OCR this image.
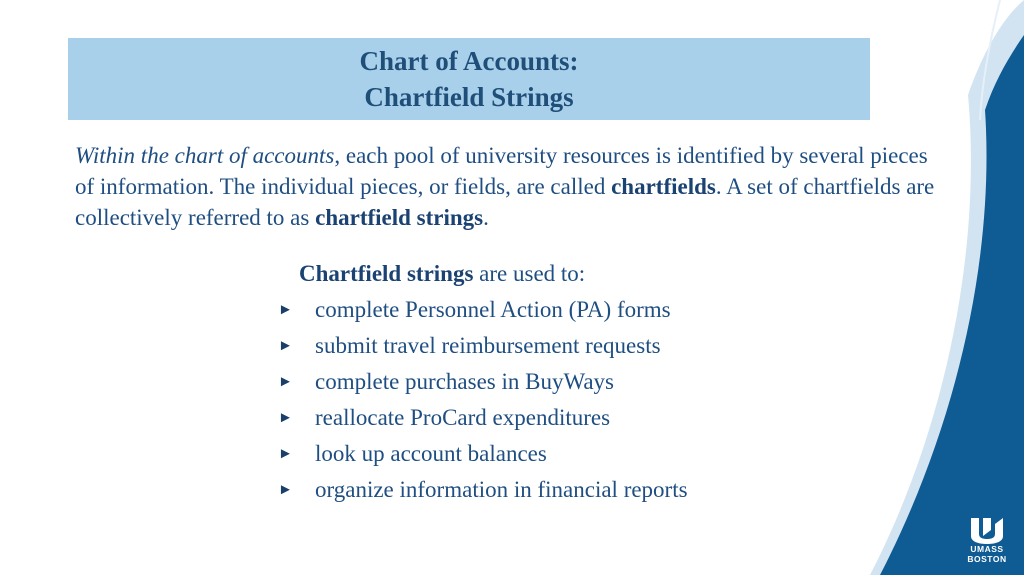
Chart of Accounts:
Chartfield Strings
Within the chart of accounts, each pool of university resources is identified by several pieces of information. The individual pieces, or fields, are called chartfields. A set of chartfields are collectively referred to as chartfield strings.
Chartfield strings are used to:
► complete Personnel Action (PA) forms
► submit travel reimbursement requests
► complete purchases in BuyWays
► reallocate ProCard expenditures
► look up account balances
► organize information in financial reports
UMASS
BOSTON
